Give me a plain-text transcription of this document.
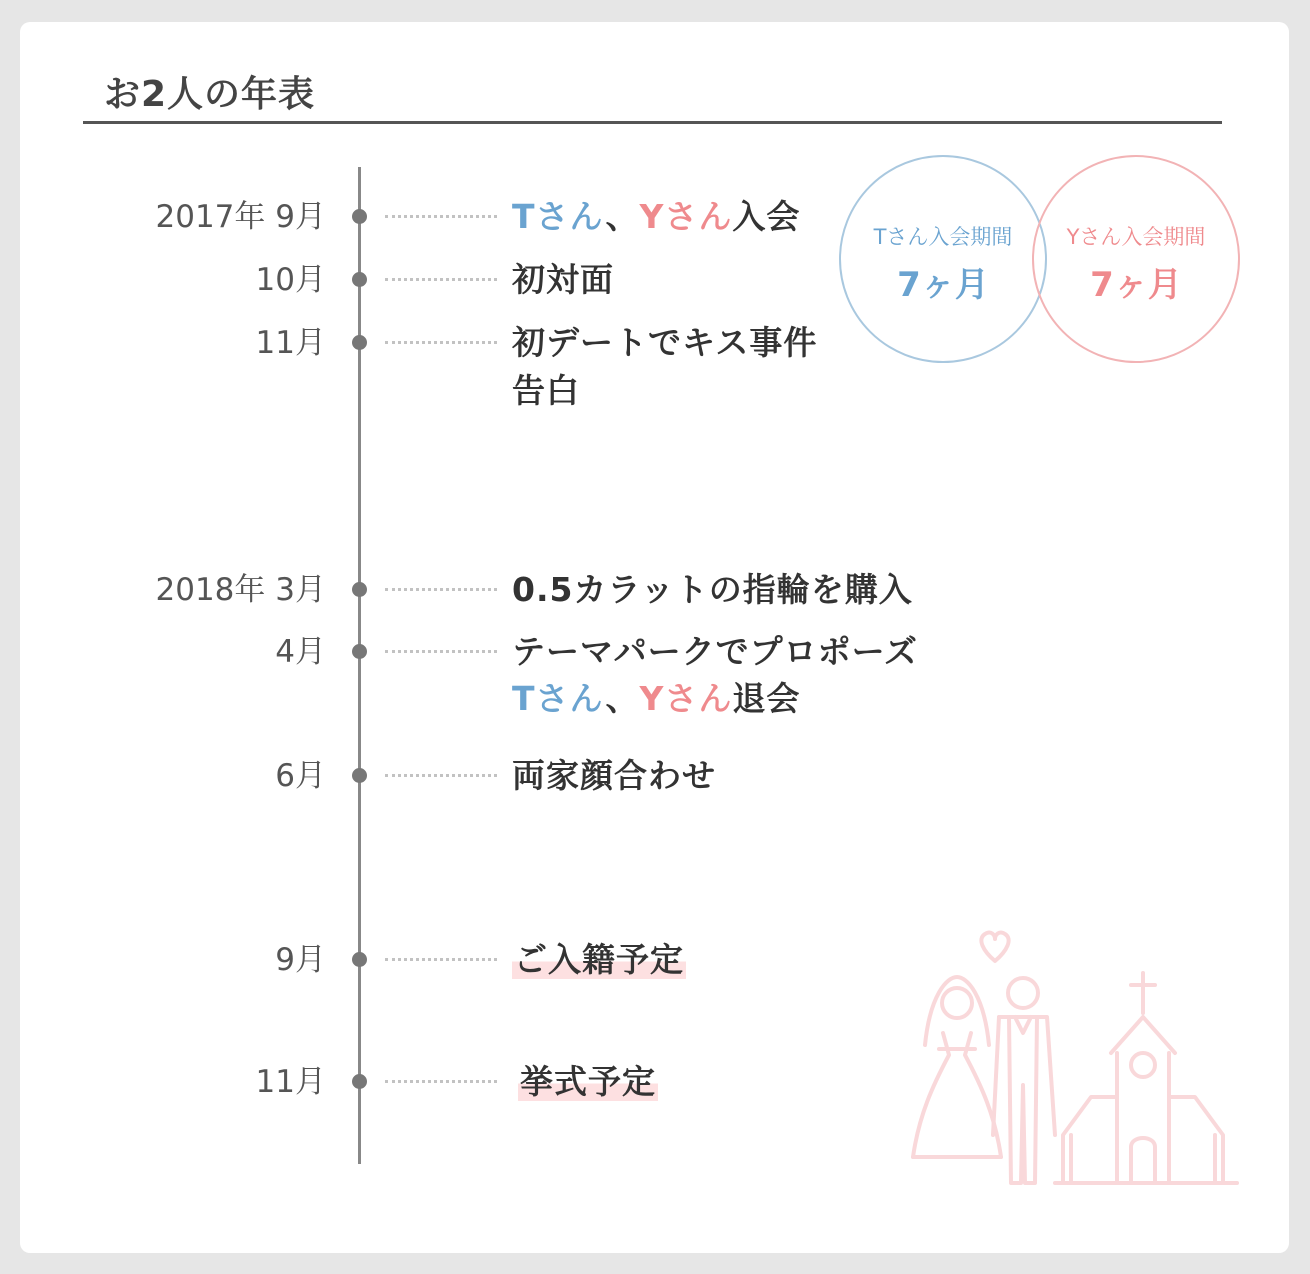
お2人の年表
2017年 9月	Tさん、Yさん入会
10月	初対面
11月	初デートでキス事件
告白
2018年 3月	0.5カラットの指輪を購入
4月	テーマパークでプロポーズ
Tさん、Yさん退会
6月	両家顔合わせ
9月	ご入籍予定
11月	挙式予定
Tさん入会期間
7ヶ月
Yさん入会期間
7ヶ月
